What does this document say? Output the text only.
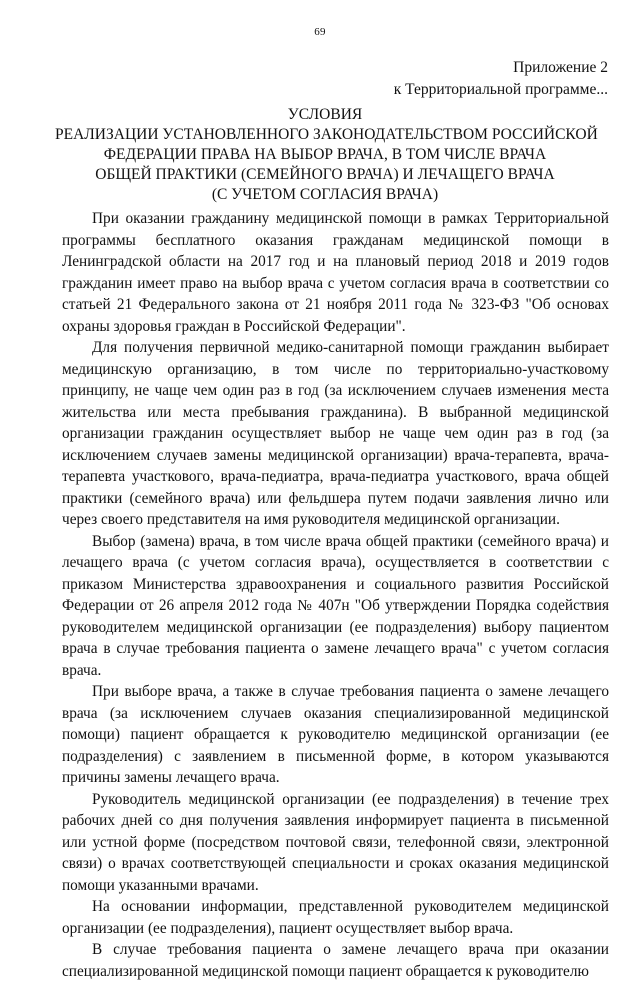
69
Приложение 2
к Территориальной программе...
УСЛОВИЯ
РЕАЛИЗАЦИИ УСТАНОВЛЕННОГО ЗАКОНОДАТЕЛЬСТВОМ РОССИЙСКОЙ
ФЕДЕРАЦИИ ПРАВА НА ВЫБОР ВРАЧА, В ТОМ ЧИСЛЕ ВРАЧА
ОБЩЕЙ ПРАКТИКИ (СЕМЕЙНОГО ВРАЧА) И ЛЕЧАЩЕГО ВРАЧА
(С УЧЕТОМ СОГЛАСИЯ ВРАЧА)

При оказании гражданину медицинской помощи в рамках Территориальной программы бесплатного оказания гражданам медицинской помощи в Ленинградской области на 2017 год и на плановый период 2018 и 2019 годов гражданин имеет право на выбор врача с учетом согласия врача в соответствии со статьей 21 Федерального закона от 21 ноября 2011 года № 323-ФЗ "Об основах охраны здоровья граждан в Российской Федерации".

Для получения первичной медико-санитарной помощи гражданин выбирает медицинскую организацию, в том числе по территориально-участковому принципу, не чаще чем один раз в год (за исключением случаев изменения места жительства или места пребывания гражданина). В выбранной медицинской организации гражданин осуществляет выбор не чаще чем один раз в год (за исключением случаев замены медицинской организации) врача-терапевта, врача-терапевта участкового, врача-педиатра, врача-педиатра участкового, врача общей практики (семейного врача) или фельдшера путем подачи заявления лично или через своего представителя на имя руководителя медицинской организации.

Выбор (замена) врача, в том числе врача общей практики (семейного врача) и лечащего врача (с учетом согласия врача), осуществляется в соответствии с приказом Министерства здравоохранения и социального развития Российской Федерации от 26 апреля 2012 года № 407н "Об утверждении Порядка содействия руководителем медицинской организации (ее подразделения) выбору пациентом врача в случае требования пациента о замене лечащего врача" с учетом согласия врача.

При выборе врача, а также в случае требования пациента о замене лечащего врача (за исключением случаев оказания специализированной медицинской помощи) пациент обращается к руководителю медицинской организации (ее подразделения) с заявлением в письменной форме, в котором указываются причины замены лечащего врача.

Руководитель медицинской организации (ее подразделения) в течение трех рабочих дней со дня получения заявления информирует пациента в письменной или устной форме (посредством почтовой связи, телефонной связи, электронной связи) о врачах соответствующей специальности и сроках оказания медицинской помощи указанными врачами.

На основании информации, представленной руководителем медицинской организации (ее подразделения), пациент осуществляет выбор врача.

В случае требования пациента о замене лечащего врача при оказании специализированной медицинской помощи пациент обращается к руководителю
